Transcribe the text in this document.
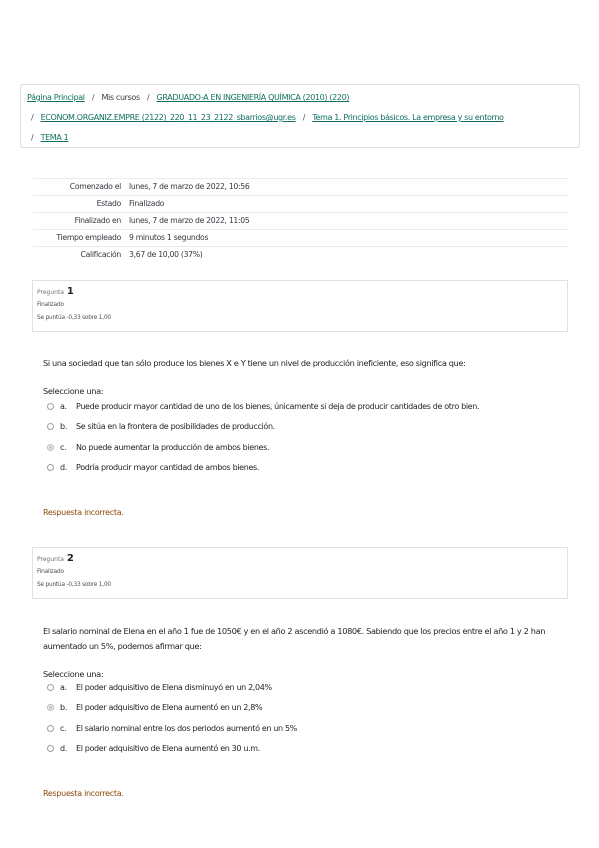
Página Principal / Mis cursos / GRADUADO-A EN INGENIERÍA QUÍMICA (2010) (220)
/ ECONOM.ORGANIZ.EMPRE (2122)_220_11_23_2122_sbarrios@ugr.es / Tema 1. Principios básicos. La empresa y su entorno
/ TEMA 1
Comenzado el	lunes, 7 de marzo de 2022, 10:56
Estado	Finalizado
Finalizado en	lunes, 7 de marzo de 2022, 11:05
Tiempo empleado	9 minutos 1 segundos
Calificación	3,67 de 10,00 (37%)
Pregunta 1
Finalizado
Se puntúa -0,33 sobre 1,00
Si una sociedad que tan sólo produce los bienes X e Y tiene un nivel de producción ineficiente, eso significa que:
Seleccione una:
a.	Puede producir mayor cantidad de uno de los bienes, únicamente si deja de producir cantidades de otro bien.
b.	Se sitúa en la frontera de posibilidades de producción.
c.	No puede aumentar la producción de ambos bienes.
d.	Podría producir mayor cantidad de ambos bienes.
Respuesta incorrecta.
Pregunta 2
Finalizado
Se puntúa -0,33 sobre 1,00
El salario nominal de Elena en el año 1 fue de 1050€ y en el año 2 ascendió a 1080€. Sabiendo que los precios entre el año 1 y 2 han aumentado un 5%, podemos afirmar que:
Seleccione una:
a.	El poder adquisitivo de Elena disminuyó en un 2,04%
b.	El poder adquisitivo de Elena aumentó en un 2,8%
c.	El salario nominal entre los dos periodos aumentó en un 5%
d.	El poder adquisitivo de Elena aumentó en 30 u.m.
Respuesta incorrecta.
